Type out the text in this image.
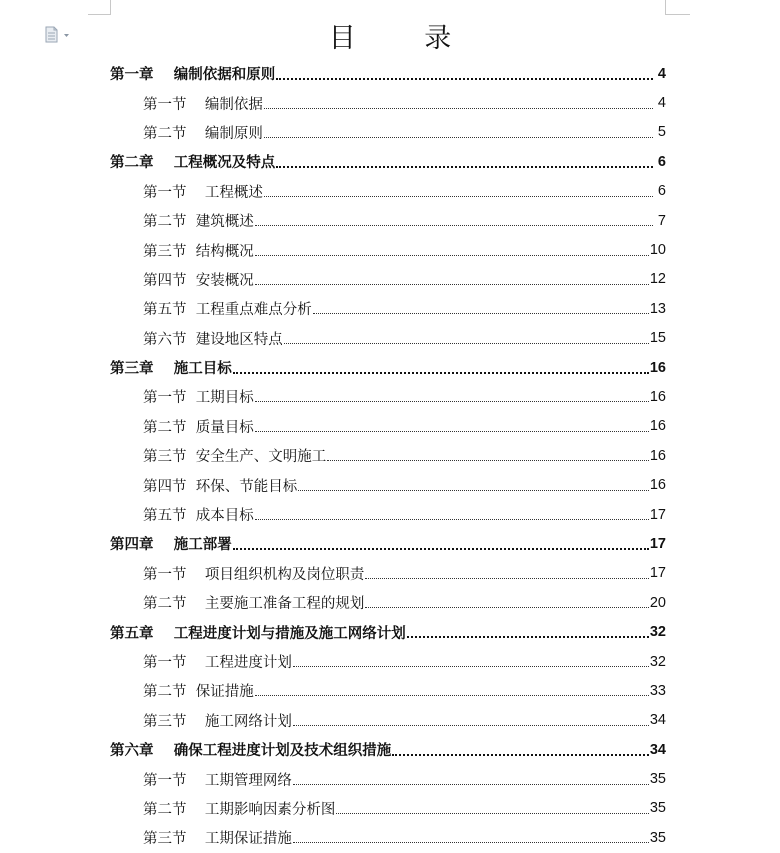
目 录
第一章    编制依据和原则	4
第一节    编制依据	4
第二节    编制原则	5
第二章    工程概况及特点	6
第一节    工程概述	6
第二节  建筑概述	7
第三节  结构概况	10
第四节  安装概况	12
第五节  工程重点难点分析	13
第六节  建设地区特点	15
第三章    施工目标	16
第一节  工期目标	16
第二节  质量目标	16
第三节  安全生产、文明施工	16
第四节  环保、节能目标	16
第五节  成本目标	17
第四章    施工部署	17
第一节    项目组织机构及岗位职责	17
第二节    主要施工准备工程的规划	20
第五章    工程进度计划与措施及施工网络计划	32
第一节    工程进度计划	32
第二节  保证措施	33
第三节    施工网络计划	34
第六章    确保工程进度计划及技术组织措施	34
第一节    工期管理网络	35
第二节    工期影响因素分析图	35
第三节    工期保证措施	35
